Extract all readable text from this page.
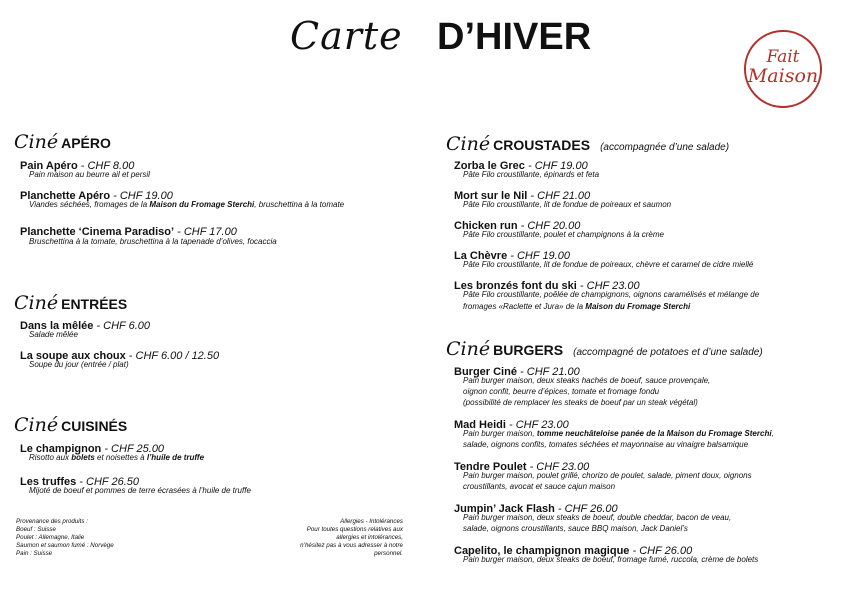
Carte D’HIVER	Fait
Maison
Ciné APÉRO
Pain Apéro - CHF 8.00
Pain maison au beurre ail et persil
Planchette Apéro - CHF 19.00
Viandes séchées, fromages de la Maison du Fromage Sterchi, bruschettina à la tomate
Planchette ‘Cinema Paradiso’ - CHF 17.00
Bruschettina à la tomate, bruschettina à la tapenade d’olives, focaccia
Ciné ENTRÉES
Dans la mêlée - CHF 6.00
Salade mêlée
La soupe aux choux - CHF 6.00 / 12.50
Soupe du jour (entrée / plat)
Ciné CUISINÉS
Le champignon - CHF 25.00
Risotto aux bolets et noisettes à l’huile de truffe
Les truffes - CHF 26.50
Mijoté de boeuf et pommes de terre écrasées à l’huile de truffe
Provenance des produits :
Boeuf : Suisse
Poulet : Allemagne, Italie
Saumon et saumon fumé : Norvège
Pain : Suisse
Allergies - Intolérances
Pour toutes questions relatives aux
allergies et intolérances,
n’hésitez pas à vous adresser à notre
personnel.
Ciné CROUSTADES (accompagnée d’une salade)
Zorba le Grec - CHF 19.00
Pâte Filo croustillante, épinards et feta
Mort sur le Nil - CHF 21.00
Pâte Filo croustillante, lit de fondue de poireaux et saumon
Chicken run - CHF 20.00
Pâte Filo croustillante, poulet et champignons à la crème
La Chèvre - CHF 19.00
Pâte Filo croustillante, lit de fondue de poireaux, chèvre et caramel de cidre miellé
Les bronzés font du ski - CHF 23.00
Pâte Filo croustillante, poêlée de champignons, oignons caramélisés et mélange de
fromages «Raclette et Jura» de la Maison du Fromage Sterchi
Ciné BURGERS (accompagné de potatoes et d’une salade)
Burger Ciné - CHF 21.00
Pain burger maison, deux steaks hachés de boeuf, sauce provençale,
oignon confit, beurre d’épices, tomate et fromage fondu
(possibilité de remplacer les steaks de boeuf par un steak végétal)
Mad Heidi - CHF 23.00
Pain burger maison, tomme neuchâteloise panée de la Maison du Fromage Sterchi,
salade, oignons confits, tomates séchées et mayonnaise au vinaigre balsamique
Tendre Poulet - CHF 23.00
Pain burger maison, poulet grillé, chorizo de poulet, salade, piment doux, oignons
croustillants, avocat et sauce cajun maison
Jumpin’ Jack Flash - CHF 26.00
Pain burger maison, deux steaks de boeuf, double cheddar, bacon de veau,
salade, oignons croustillants, sauce BBQ maison, Jack Daniel’s
Capelito, le champignon magique - CHF 26.00
Pain burger maison, deux steaks de boeuf, fromage fumé, ruccola, crème de bolets
